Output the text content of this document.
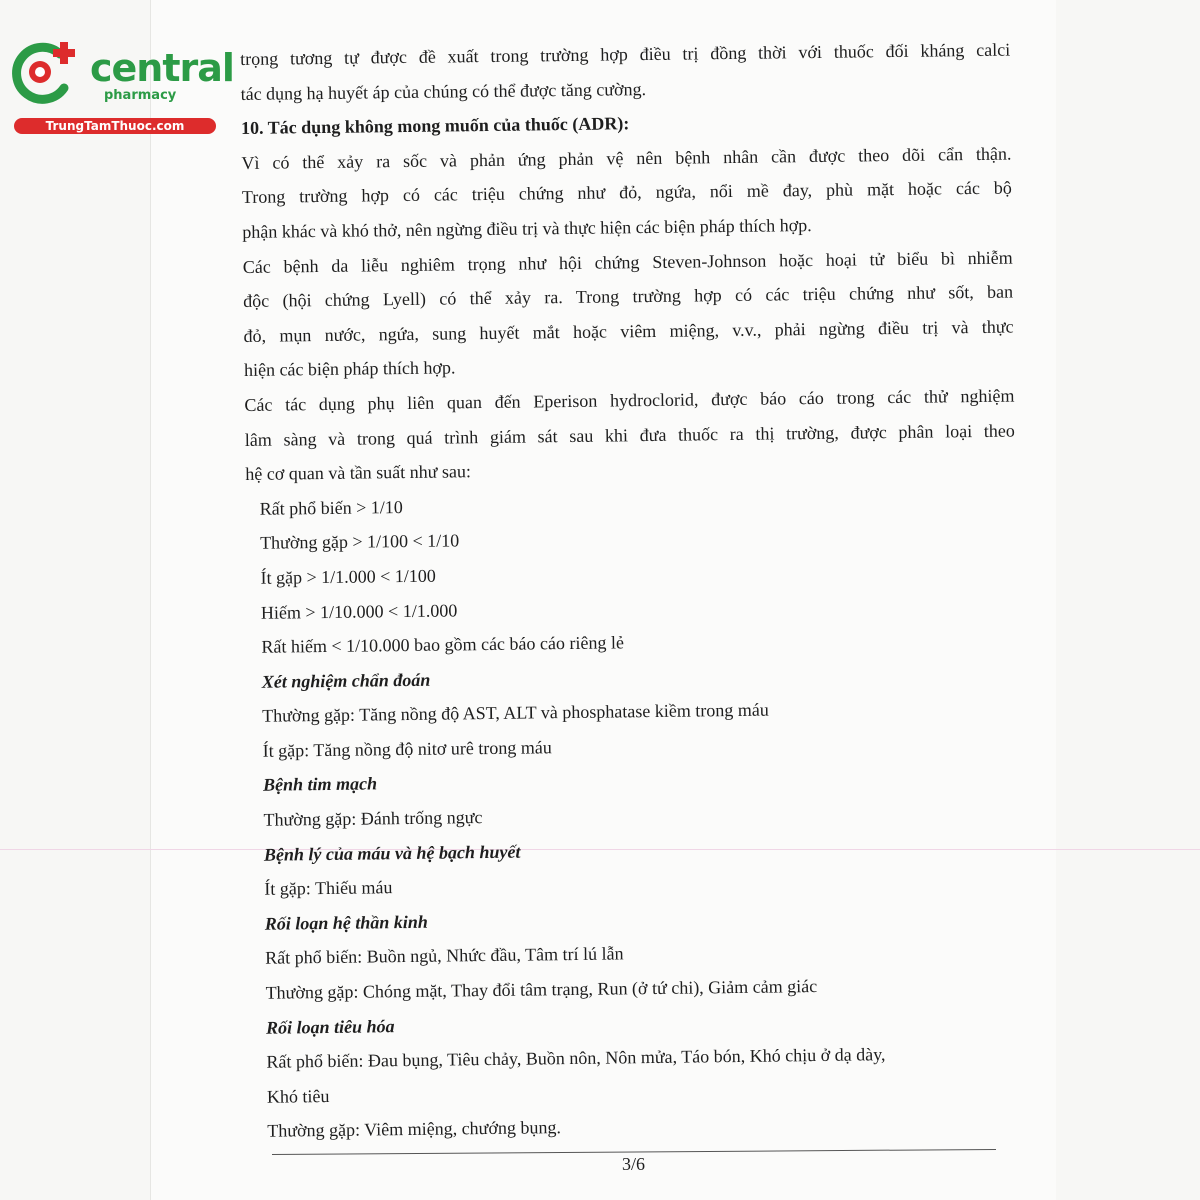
central
pharmacy
TrungTamThuoc.com

trọng tương tự được đề xuất trong trường hợp điều trị đồng thời với thuốc đối kháng calci

tác dụng hạ huyết áp của chúng có thể được tăng cường.

10. Tác dụng không mong muốn của thuốc (ADR):

Vì có thể xảy ra sốc và phản ứng phản vệ nên bệnh nhân cần được theo dõi cẩn thận.

Trong trường hợp có các triệu chứng như đỏ, ngứa, nổi mề đay, phù mặt hoặc các bộ

phận khác và khó thở, nên ngừng điều trị và thực hiện các biện pháp thích hợp.

Các bệnh da liễu nghiêm trọng như hội chứng Steven-Johnson hoặc hoại tử biểu bì nhiễm

độc (hội chứng Lyell) có thể xảy ra. Trong trường hợp có các triệu chứng như sốt, ban

đỏ, mụn nước, ngứa, sung huyết mắt hoặc viêm miệng, v.v., phải ngừng điều trị và thực

hiện các biện pháp thích hợp.

Các tác dụng phụ liên quan đến Eperison hydroclorid, được báo cáo trong các thử nghiệm

lâm sàng và trong quá trình giám sát sau khi đưa thuốc ra thị trường, được phân loại theo

hệ cơ quan và tần suất như sau:

Rất phổ biến > 1/10

Thường gặp > 1/100 < 1/10

Ít gặp > 1/1.000 < 1/100

Hiếm > 1/10.000 < 1/1.000

Rất hiếm < 1/10.000 bao gồm các báo cáo riêng lẻ

Xét nghiệm chẩn đoán

Thường gặp: Tăng nồng độ AST, ALT và phosphatase kiềm trong máu

Ít gặp: Tăng nồng độ nitơ urê trong máu

Bệnh tim mạch

Thường gặp: Đánh trống ngực

Bệnh lý của máu và hệ bạch huyết

Ít gặp: Thiếu máu

Rối loạn hệ thần kinh

Rất phổ biến: Buồn ngủ, Nhức đầu, Tâm trí lú lẫn

Thường gặp: Chóng mặt, Thay đổi tâm trạng, Run (ở tứ chi), Giảm cảm giác

Rối loạn tiêu hóa

Rất phổ biến: Đau bụng, Tiêu chảy, Buồn nôn, Nôn mửa, Táo bón, Khó chịu ở dạ dày,

Khó tiêu

Thường gặp: Viêm miệng, chướng bụng.

3/6
